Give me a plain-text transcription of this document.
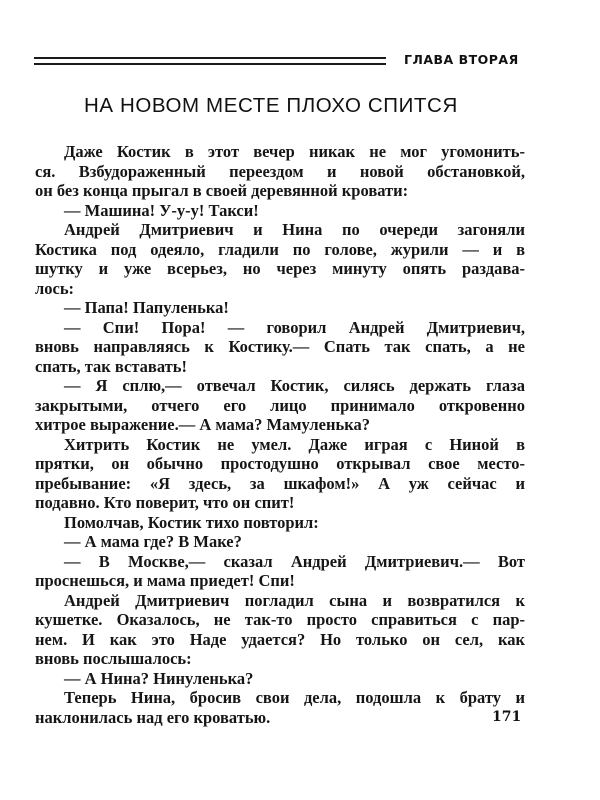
ГЛАВА ВТОРАЯ
НА НОВОМ МЕСТЕ ПЛОХО СПИТСЯ
Даже Костик в этот вечер никак не мог угомонить-
ся. Взбудораженный переездом и новой обстановкой,
он без конца прыгал в своей деревянной кровати:
— Машина! У-у-у! Такси!
Андрей Дмитриевич и Нина по очереди загоняли
Костика под одеяло, гладили по голове, журили — и в
шутку и уже всерьез, но через минуту опять раздава-
лось:
— Папа! Папуленька!
— Спи! Пора! — говорил Андрей Дмитриевич,
вновь направляясь к Костику.— Спать так спать, а не
спать, так вставать!
— Я сплю,— отвечал Костик, силясь держать глаза
закрытыми, отчего его лицо принимало откровенно
хитрое выражение.— А мама? Мамуленька?
Хитрить Костик не умел. Даже играя с Ниной в
прятки, он обычно простодушно открывал свое место-
пребывание: «Я здесь, за шкафом!» А уж сейчас и
подавно. Кто поверит, что он спит!
Помолчав, Костик тихо повторил:
— А мама где? В Маке?
— В Москве,— сказал Андрей Дмитриевич.— Вот
проснешься, и мама приедет! Спи!
Андрей Дмитриевич погладил сына и возвратился к
кушетке. Оказалось, не так-то просто справиться с пар-
нем. И как это Наде удается? Но только он сел, как
вновь послышалось:
— А Нина? Нинуленька?
Теперь Нина, бросив свои дела, подошла к брату и
наклонилась над его кроватью.	171
